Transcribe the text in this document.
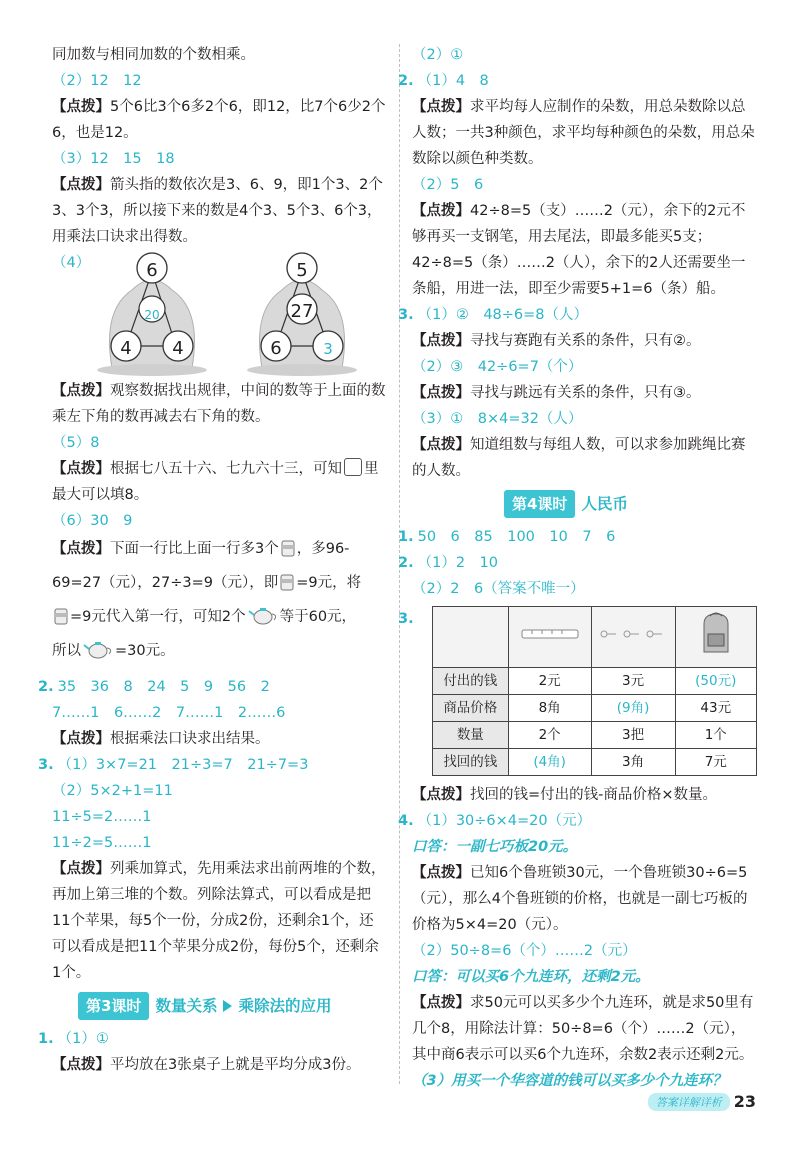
同加数与相同加数的个数相乘。

（2）12　12

【点拨】5个6比3个6多2个6，即12，比7个6少2个6，也是12。

（3）12　15　18

【点拨】箭头指的数依次是3、6、9，即1个3、2个3、3个3，所以接下来的数是4个3、5个3、6个3，用乘法口诀求出得数。

（4）	6
20
4 4
5
27
6	3

【点拨】观察数据找出规律，中间的数等于上面的数乘左下角的数再减去右下角的数。

（5）8

【点拨】根据七八五十六、七九六十三，可知 里最大可以填8。

（6）30　9

【点拨】下面一行比上面一行多3个 ，多96-69=27（元），27÷3=9（元），即 =9元，将
=9元代入第一行，可知2个 等于60元，
所以 =30元。

2. 35　36　8　24　5　9　56　2

7……1　6……2　7……1　2……6

【点拨】根据乘法口诀求出结果。

3. （1）3×7=21　21÷3=7　21÷7=3

（2）5×2+1=11

11÷5=2……1

11÷2=5……1

【点拨】列乘加算式，先用乘法求出前两堆的个数，再加上第三堆的个数。列除法算式，可以看成是把11个苹果，每5个一份，分成2份，还剩余1个，还可以看成是把11个苹果分成2份，每份5个，还剩余1个。

第3课时 数量关系 乘除法的应用

1. （1）①

【点拨】平均放在3张桌子上就是平均分成3份。

（2）①

2. （1）4　8

【点拨】求平均每人应制作的朵数，用总朵数除以总人数；一共3种颜色，求平均每种颜色的朵数，用总朵数除以颜色种类数。

（2）5　6

【点拨】42÷8=5（支）……2（元），余下的2元不够再买一支钢笔，用去尾法，即最多能买5支；42÷8=5（条）……2（人），余下的2人还需要坐一条船，用进一法，即至少需要5+1=6（条）船。

3. （1）②　48÷6=8（人）

【点拨】寻找与赛跑有关系的条件，只有②。

（2）③　42÷6=7（个）

【点拨】寻找与跳远有关系的条件，只有③。

（3）①　8×4=32（人）

【点拨】知道组数与每组人数，可以求参加跳绳比赛的人数。

第4课时 人民币

1. 50　6　85　100　10　7　6

2. （1）2　10

（2）2　6（答案不唯一）

3.

付出的钱	2元	3元	(50元)
商品价格	8角	(9角)	43元
数量	2个	3把	1个
找回的钱	(4角)	3角	7元

【点拨】找回的钱=付出的钱-商品价格×数量。

4. （1）30÷6×4=20（元）

口答：一副七巧板20元。

【点拨】已知6个鲁班锁30元，一个鲁班锁30÷6=5（元），那么4个鲁班锁的价格，也就是一副七巧板的价格为5×4=20（元）。

（2）50÷8=6（个）……2（元）

口答：可以买6个九连环，还剩2元。

【点拨】求50元可以买多少个九连环，就是求50里有几个8，用除法计算：50÷8=6（个）……2（元），其中商6表示可以买6个九连环，余数2表示还剩2元。

（3）用买一个华容道的钱可以买多少个九连环？

答案详解详析 23
